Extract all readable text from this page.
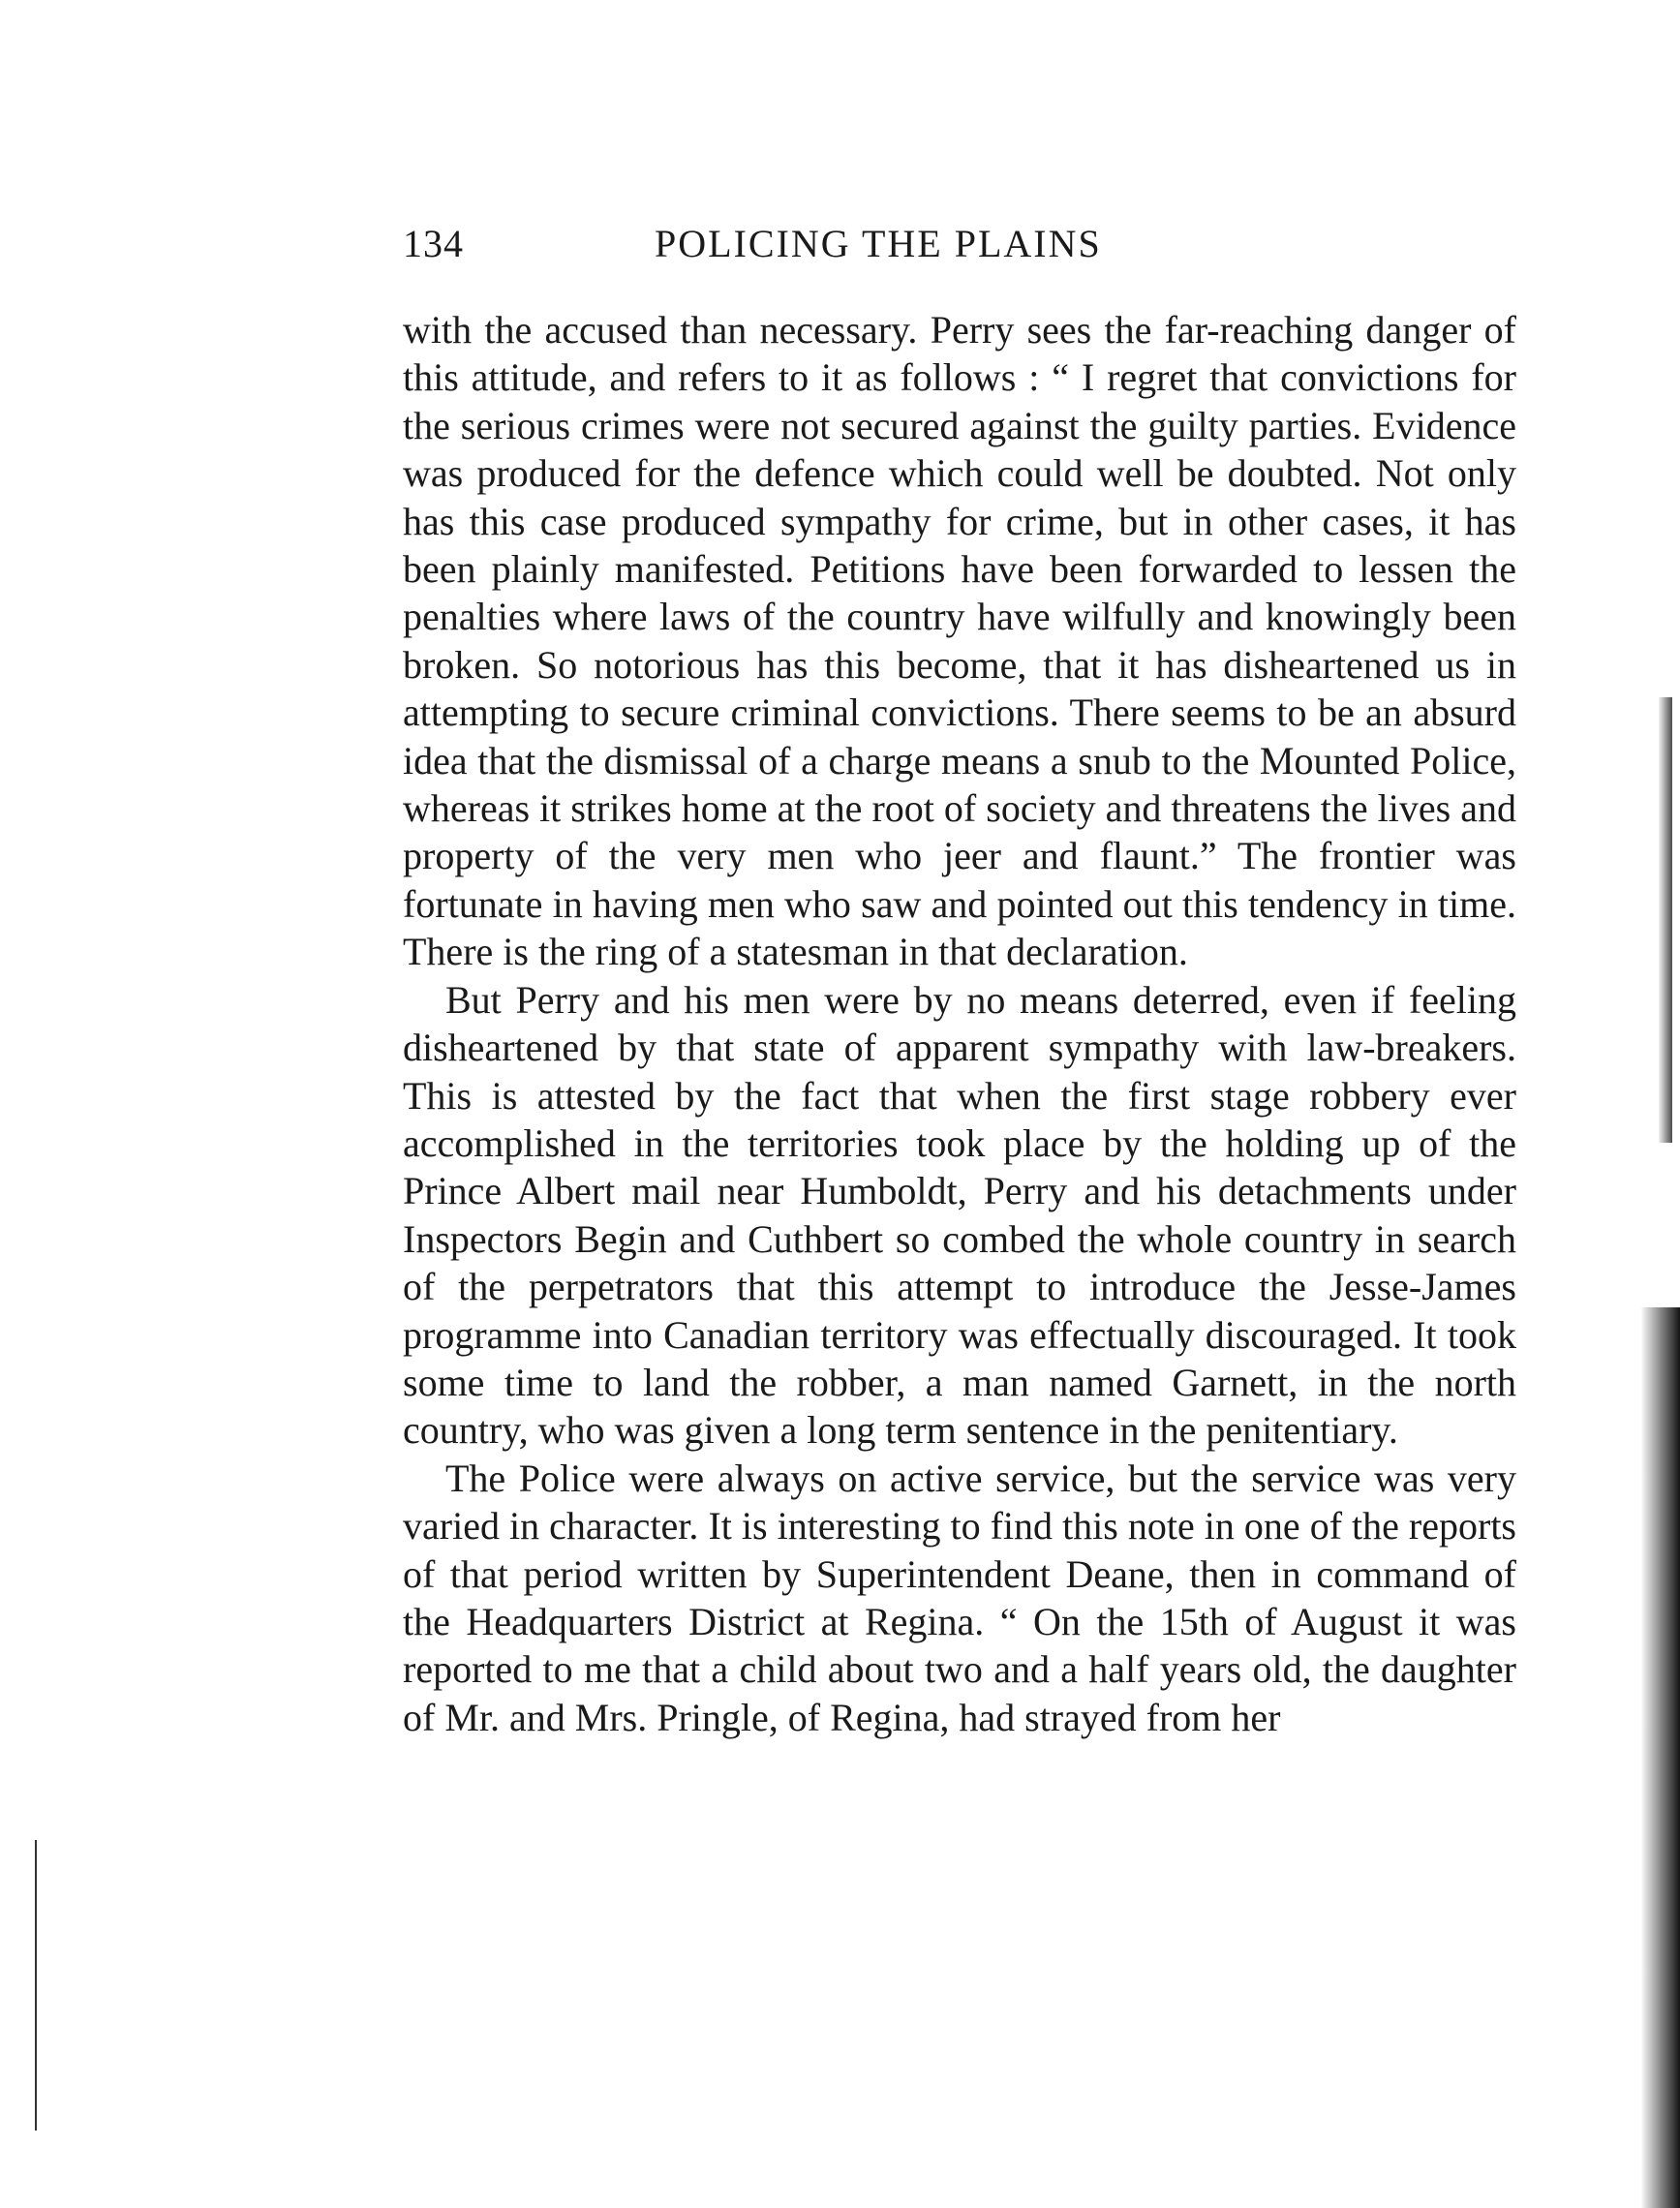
134	POLICING THE PLAINS

with the accused than necessary. Perry sees the far-reaching danger of this attitude, and refers to it as follows : “ I regret that convictions for the serious crimes were not secured against the guilty parties. Evidence was produced for the defence which could well be doubted. Not only has this case produced sympathy for crime, but in other cases, it has been plainly manifested. Petitions have been forwarded to lessen the penalties where laws of the country have wilfully and knowingly been broken. So notorious has this become, that it has disheartened us in attempting to secure criminal convictions. There seems to be an absurd idea that the dismissal of a charge means a snub to the Mounted Police, whereas it strikes home at the root of society and threatens the lives and property of the very men who jeer and flaunt.” The frontier was fortunate in having men who saw and pointed out this tendency in time. There is the ring of a statesman in that declaration.

But Perry and his men were by no means deterred, even if feeling disheartened by that state of apparent sympathy with law-breakers. This is attested by the fact that when the first stage robbery ever accomplished in the territories took place by the holding up of the Prince Albert mail near Humboldt, Perry and his detachments under Inspectors Begin and Cuthbert so combed the whole country in search of the perpetrators that this attempt to introduce the Jesse-James programme into Canadian territory was effectually discouraged. It took some time to land the robber, a man named Garnett, in the north country, who was given a long term sentence in the penitentiary.

The Police were always on active service, but the service was very varied in character. It is interesting to find this note in one of the reports of that period written by Superintendent Deane, then in command of the Headquarters District at Regina. “ On the 15th of August it was reported to me that a child about two and a half years old, the daughter of Mr. and Mrs. Pringle, of Regina, had strayed from her
